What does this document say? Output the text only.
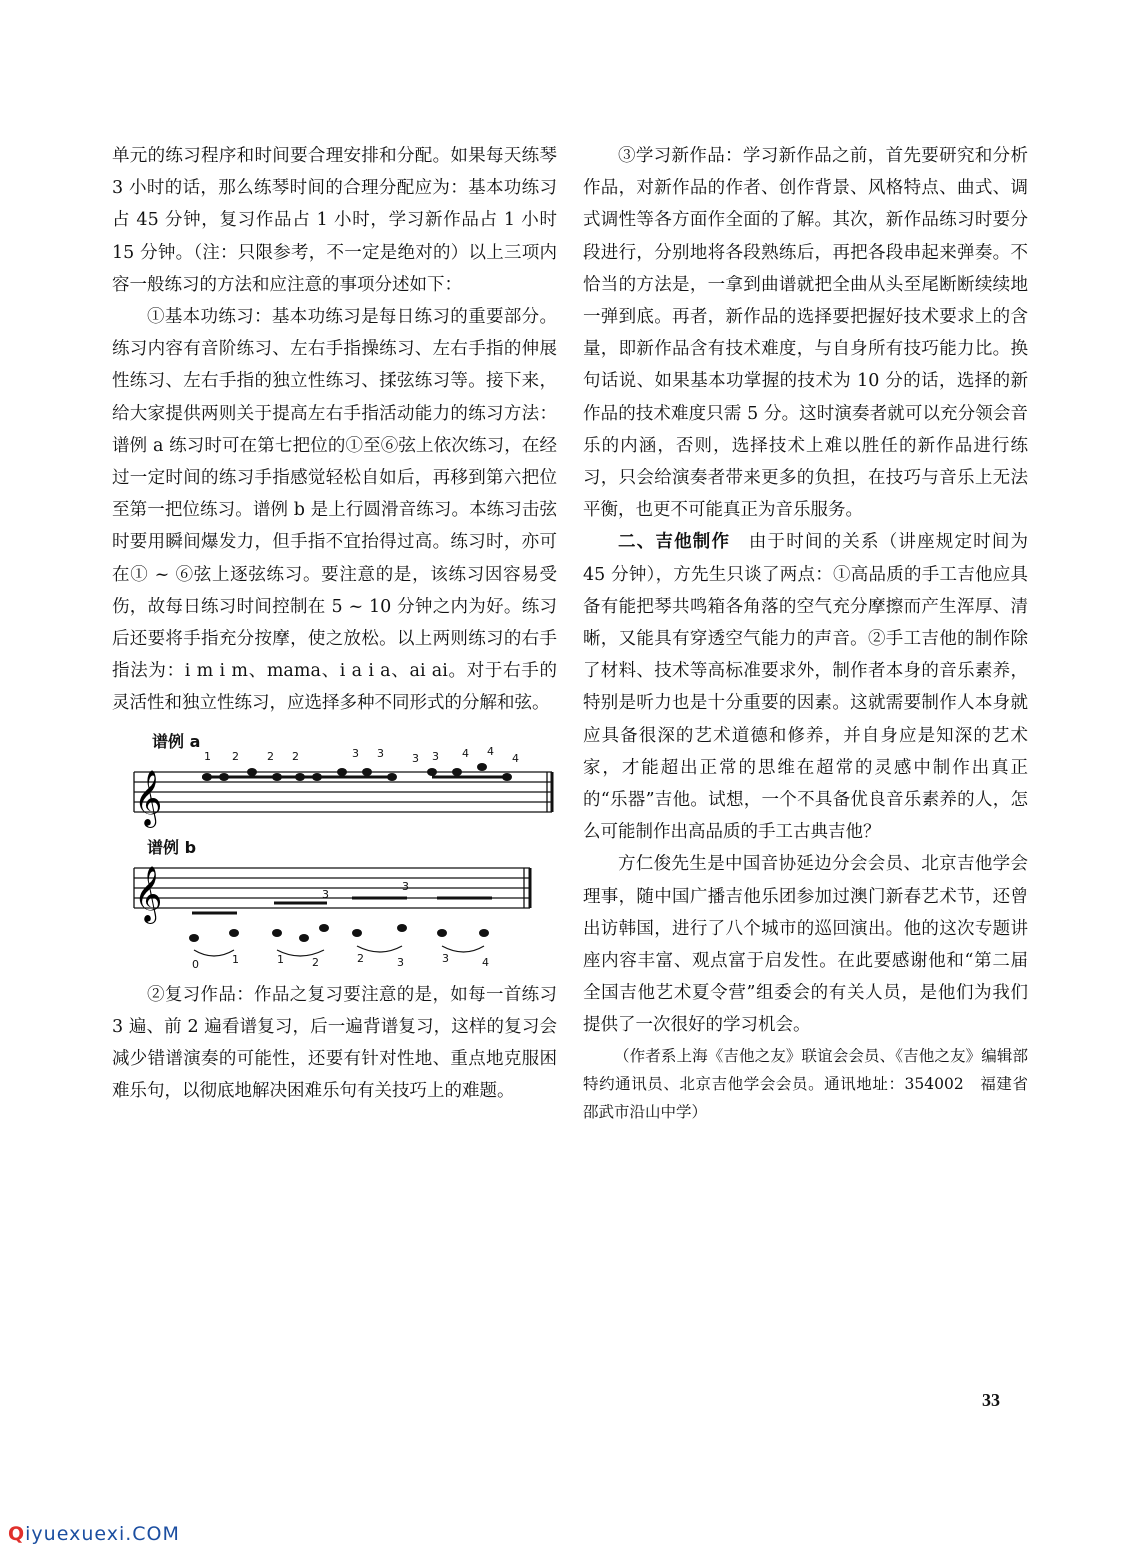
单元的练习程序和时间要合理安排和分配。如果每天练琴 3 小时的话，那么练琴时间的合理分配应为：基本功练习占 45 分钟，复习作品占 1 小时，学习新作品占 1 小时 15 分钟。（注：只限参考，不一定是绝对的）以上三项内容一般练习的方法和应注意的事项分述如下：

①基本功练习：基本功练习是每日练习的重要部分。练习内容有音阶练习、左右手指操练习、左右手指的伸展性练习、左右手指的独立性练习、揉弦练习等。接下来，给大家提供两则关于提高左右手指活动能力的练习方法：谱例 a 练习时可在第七把位的①至⑥弦上依次练习，在经过一定时间的练习手指感觉轻松自如后，再移到第六把位至第一把位练习。谱例 b 是上行圆滑音练习。本练习击弦时要用瞬间爆发力，但手指不宜抬得过高。练习时，亦可在① ~ ⑥弦上逐弦练习。要注意的是，该练习因容易受伤，故每日练习时间控制在 5 ~ 10 分钟之内为好。练习后还要将手指充分按摩，使之放松。以上两则练习的右手指法为：i m i m、mama、i a i a、ai ai。对于右手的灵活性和独立性练习，应选择多种不同形式的分解和弦。

谱例 a
𝄞
1 2	2 2	3 3	3 3 4 4
4
谱例 b
𝄞	3
3
0	1	1	2	2	3	3	4

②复习作品：作品之复习要注意的是，如每一首练习 3 遍、前 2 遍看谱复习，后一遍背谱复习，这样的复习会减少错谱演奏的可能性，还要有针对性地、重点地克服困难乐句，以彻底地解决困难乐句有关技巧上的难题。

③学习新作品：学习新作品之前，首先要研究和分析作品，对新作品的作者、创作背景、风格特点、曲式、调式调性等各方面作全面的了解。其次，新作品练习时要分段进行，分别地将各段熟练后，再把各段串起来弹奏。不恰当的方法是，一拿到曲谱就把全曲从头至尾断断续续地一弹到底。再者，新作品的选择要把握好技术要求上的含量，即新作品含有技术难度，与自身所有技巧能力比。换句话说、如果基本功掌握的技术为 10 分的话，选择的新作品的技术难度只需 5 分。这时演奏者就可以充分领会音乐的内涵，否则，选择技术上难以胜任的新作品进行练习，只会给演奏者带来更多的负担，在技巧与音乐上无法平衡，也更不可能真正为音乐服务。

二、吉他制作　 由于时间的关系（讲座规定时间为 45 分钟），方先生只谈了两点：①高品质的手工吉他应具备有能把琴共鸣箱各角落的空气充分摩擦而产生浑厚、清晰，又能具有穿透空气能力的声音。②手工吉他的制作除了材料、技术等高标准要求外，制作者本身的音乐素养，特别是听力也是十分重要的因素。这就需要制作人本身就应具备很深的艺术道德和修养，并自身应是知深的艺术家，才能超出正常的思维在超常的灵感中制作出真正的“乐器”吉他。试想，一个不具备优良音乐素养的人，怎么可能制作出高品质的手工古典吉他？

方仁俊先生是中国音协延边分会会员、北京吉他学会理事，随中国广播吉他乐团参加过澳门新春艺术节，还曾出访韩国，进行了八个城市的巡回演出。他的这次专题讲座内容丰富、观点富于启发性。在此要感谢他和“第二届全国吉他艺术夏令营”组委会的有关人员，是他们为我们提供了一次很好的学习机会。

（作者系上海《吉他之友》联谊会会员、《吉他之友》编辑部特约通讯员、北京吉他学会会员。通讯地址：354002　福建省邵武市沿山中学）

33
Qiyuexuexi.COM
